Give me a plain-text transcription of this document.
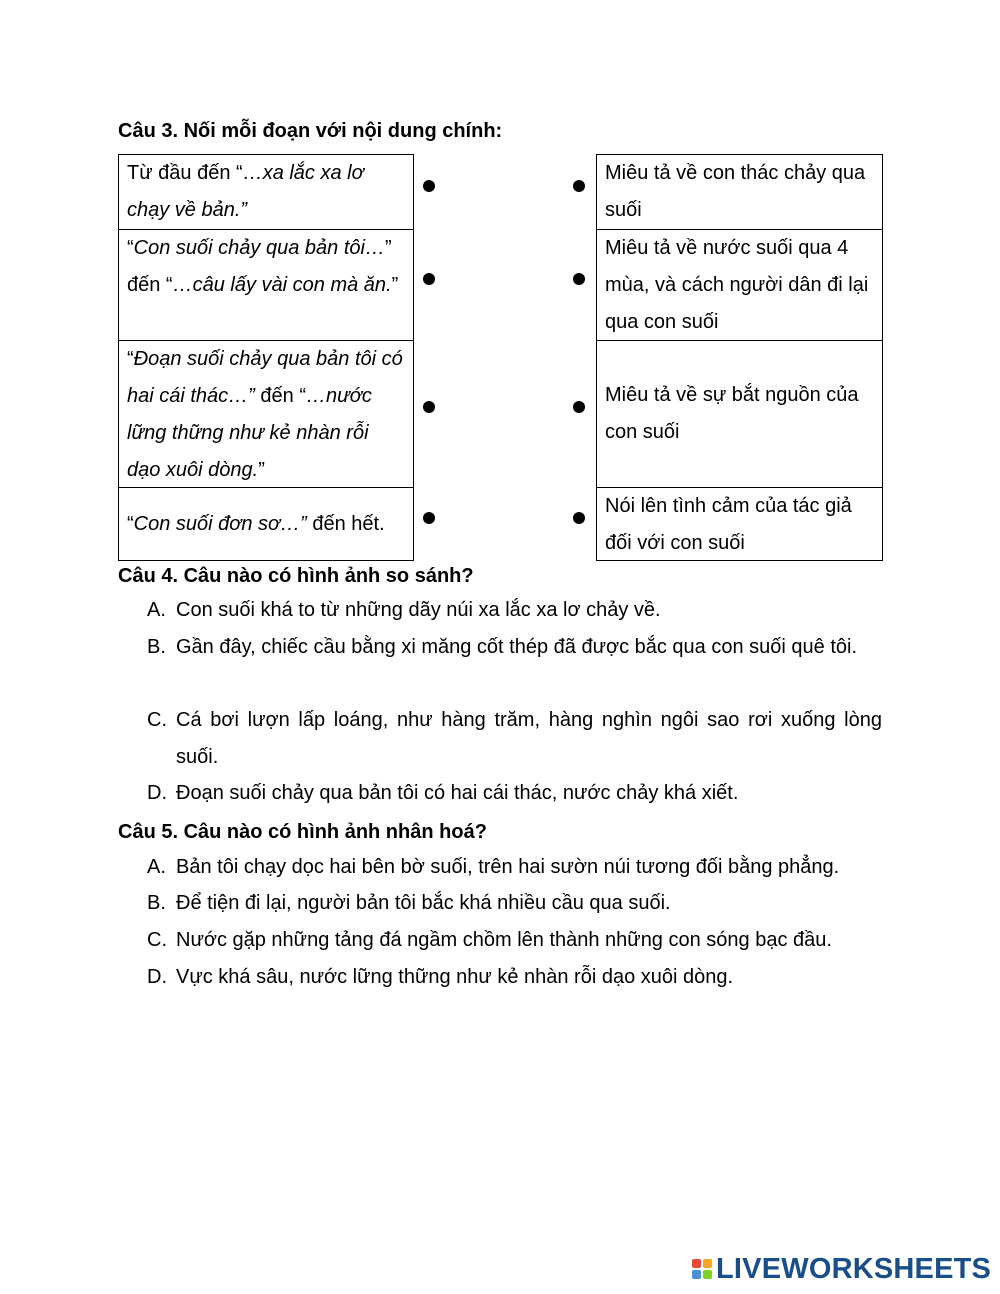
Câu 3. Nối mỗi đoạn với nội dung chính:
Từ đầu đến “…xa lắc xa lơ chạy về bản.”
“Con suối chảy qua bản tôi…” đến “…câu lấy vài con mà ăn.”
“Đoạn suối chảy qua bản tôi có hai cái thác…” đến “…nước lững thững như kẻ nhàn rỗi dạo xuôi dòng.”
“Con suối đơn sơ…” đến hết.
Miêu tả về con thác chảy qua suối
Miêu tả về nước suối qua 4 mùa, và cách người dân đi lại qua con suối
Miêu tả về sự bắt nguồn của con suối
Nói lên tình cảm của tác giả đối với con suối
Câu 4. Câu nào có hình ảnh so sánh?
A. Con suối khá to từ những dãy núi xa lắc xa lơ chảy về.
B. Gần đây, chiếc cầu bằng xi măng cốt thép đã được bắc qua con suối quê tôi.
C. Cá bơi lượn lấp loáng, như hàng trăm, hàng nghìn ngôi sao rơi xuống lòng suối.
D. Đoạn suối chảy qua bản tôi có hai cái thác, nước chảy khá xiết.
Câu 5. Câu nào có hình ảnh nhân hoá?
A. Bản tôi chạy dọc hai bên bờ suối, trên hai sườn núi tương đối bằng phẳng.
B. Để tiện đi lại, người bản tôi bắc khá nhiều cầu qua suối.
C. Nước gặp những tảng đá ngầm chồm lên thành những con sóng bạc đầu.
D. Vực khá sâu, nước lững thững như kẻ nhàn rỗi dạo xuôi dòng.
LIVEWORKSHEETS
